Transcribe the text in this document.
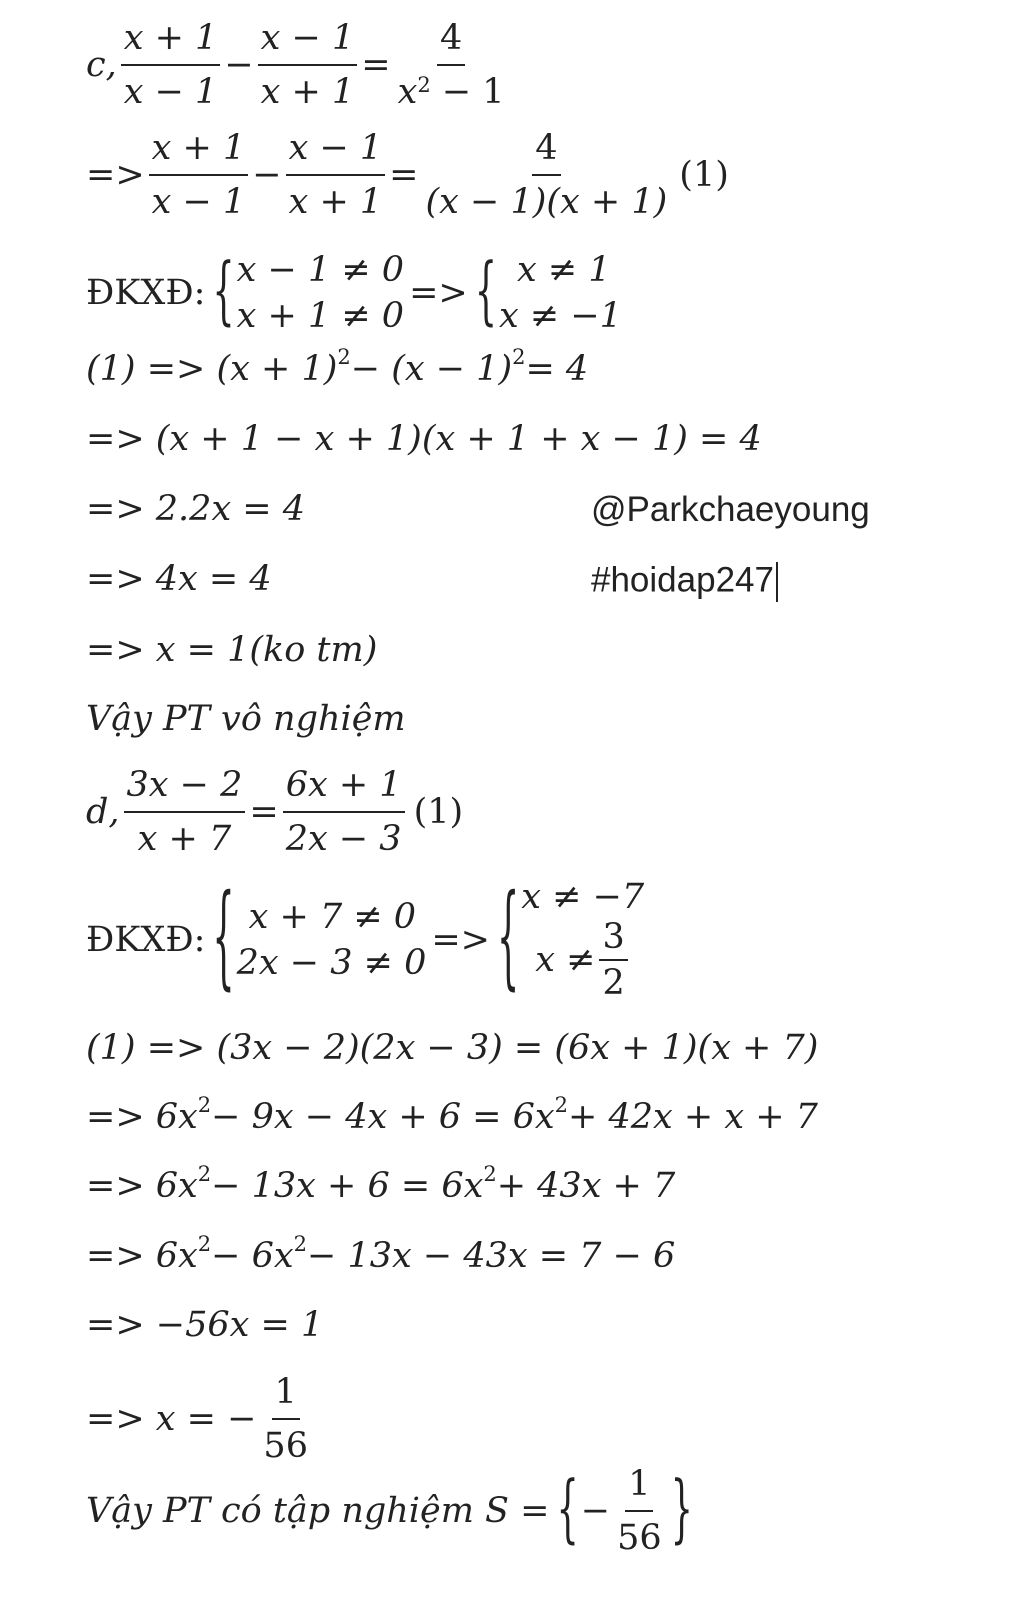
c, $\frac{x + 1}{x - 1} - \frac{x - 1}{x + 1} = \frac{4}{x^2 - 1}$
=> $\frac{x + 1}{x - 1} - \frac{x - 1}{x + 1} = \frac{4}{(x - 1)(x + 1)} (1)$
ĐKXĐ: { x − 1 ≠ 0
x + 1 ≠ 0
=> { x ≠ 1
x ≠ −1
(1) => (x + 1) 2 − (x − 1) 2 = 4
=> (x + 1 − x + 1)(x + 1 + x − 1) = 4
=> 2.2x = 4	@Parkchaeyoung
=> 4x = 4	#hoidap247
=> x = 1 (ko tm)
Vậy PT vô nghiệm
d, $\frac{3x - 2}{x + 7} = \frac{6x + 1}{2x - 3} (1)$
ĐKXĐ: { x + 7 ≠ 0
2x − 3 ≠ 0
=> { x ≠ −7
$x \ne \frac{3}{2}$
(1) => (3x − 2)(2x − 3) = (6x + 1)(x + 7)
=> 6x 2 − 9x − 4x + 6 = 6x 2 + 42x + x + 7
=> 6x 2 − 13x + 6 = 6x 2 + 43x + 7
=> 6x 2 − 6x 2 − 13x − 43x = 7 − 6
=> −56x = 1
=> x = − $\frac{1}{56}$
Vậy PT có tập nghiệm S = { − $\frac{1}{56}$ }
